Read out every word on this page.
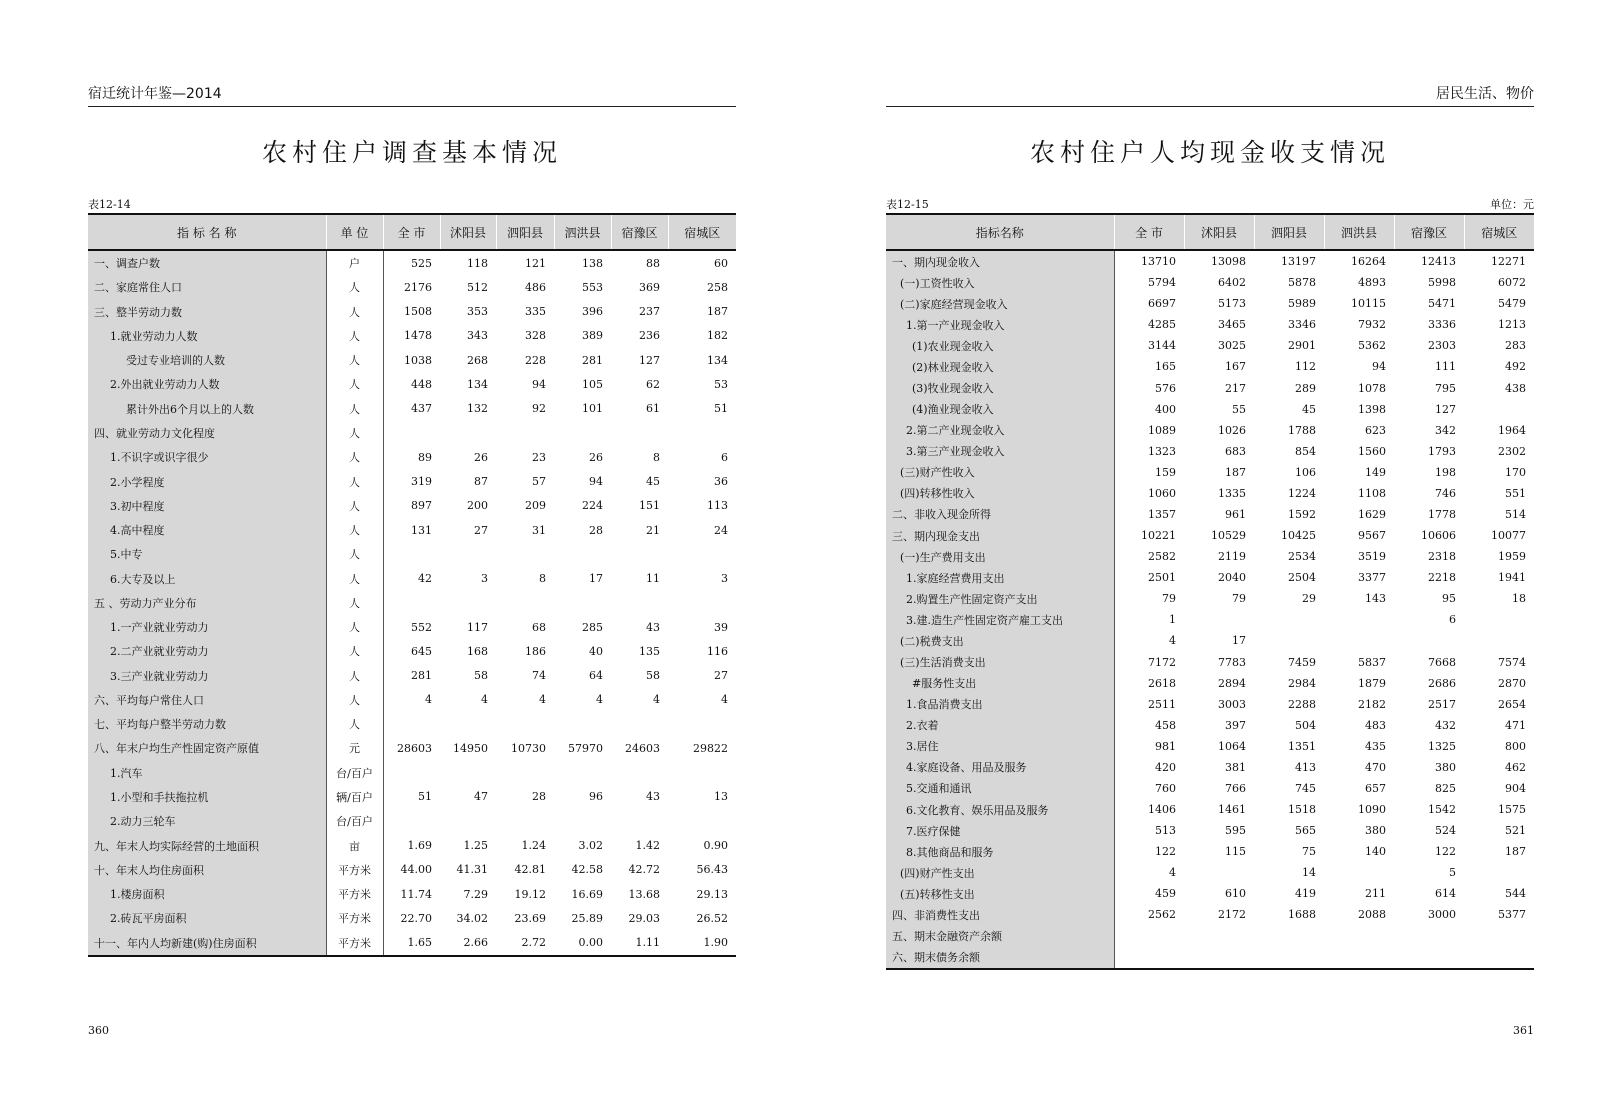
宿迁统计年鉴—2014
农村住户调查基本情况
表12-14
指 标 名 称	单 位	全 市	沭阳县	泗阳县	泗洪县	宿豫区	宿城区
一、调查户数	户	525	118	121	138	88	60
二、家庭常住人口	人	2176	512	486	553	369	258
三、整半劳动力数	人	1508	353	335	396	237	187
1.就业劳动力人数	人	1478	343	328	389	236	182
受过专业培训的人数	人	1038	268	228	281	127	134
2.外出就业劳动力人数	人	448	134	94	105	62	53
累计外出6个月以上的人数	人	437	132	92	101	61	51
四、就业劳动力文化程度	人						
1.不识字或识字很少	人	89	26	23	26	8	6
2.小学程度	人	319	87	57	94	45	36
3.初中程度	人	897	200	209	224	151	113
4.高中程度	人	131	27	31	28	21	24
5.中专	人						
6.大专及以上	人	42	3	8	17	11	3
五 、劳动力产业分布	人						
1.一产业就业劳动力	人	552	117	68	285	43	39
2.二产业就业劳动力	人	645	168	186	40	135	116
3.三产业就业劳动力	人	281	58	74	64	58	27
六、平均每户常住人口	人	4	4	4	4	4	4
七、平均每户整半劳动力数	人						
八、年末户均生产性固定资产原值	元	28603	14950	10730	57970	24603	29822
1.汽车	台/百户						
1.小型和手扶拖拉机	辆/百户	51	47	28	96	43	13
2.动力三轮车	台/百户						
九、年末人均实际经营的土地面积	亩	1.69	1.25	1.24	3.02	1.42	0.90
十、年末人均住房面积	平方米	44.00	41.31	42.81	42.58	42.72	56.43
1.楼房面积	平方米	11.74	7.29	19.12	16.69	13.68	29.13
2.砖瓦平房面积	平方米	22.70	34.02	23.69	25.89	29.03	26.52
十一、年内人均新建(购)住房面积	平方米	1.65	2.66	2.72	0.00	1.11	1.90
360
居民生活、物价
农村住户人均现金收支情况
表12-15	单位：元
指标名称	全 市	沭阳县	泗阳县	泗洪县	宿豫区	宿城区
一、期内现金收入	13710	13098	13197	16264	12413	12271
(一)工资性收入	5794	6402	5878	4893	5998	6072
(二)家庭经营现金收入	6697	5173	5989	10115	5471	5479
1.第一产业现金收入	4285	3465	3346	7932	3336	1213
(1)农业现金收入	3144	3025	2901	5362	2303	283
(2)林业现金收入	165	167	112	94	111	492
(3)牧业现金收入	576	217	289	1078	795	438
(4)渔业现金收入	400	55	45	1398	127	
2.第二产业现金收入	1089	1026	1788	623	342	1964
3.第三产业现金收入	1323	683	854	1560	1793	2302
(三)财产性收入	159	187	106	149	198	170
(四)转移性收入	1060	1335	1224	1108	746	551
二、非收入现金所得	1357	961	1592	1629	1778	514
三、期内现金支出	10221	10529	10425	9567	10606	10077
(一)生产费用支出	2582	2119	2534	3519	2318	1959
1.家庭经营费用支出	2501	2040	2504	3377	2218	1941
2.购置生产性固定资产支出	79	79	29	143	95	18
3.建.造生产性固定资产雇工支出	1				6	
(二)税费支出	4	17				
(三)生活消费支出	7172	7783	7459	5837	7668	7574
#服务性支出	2618	2894	2984	1879	2686	2870
1.食品消费支出	2511	3003	2288	2182	2517	2654
2.衣着	458	397	504	483	432	471
3.居住	981	1064	1351	435	1325	800
4.家庭设备、用品及服务	420	381	413	470	380	462
5.交通和通讯	760	766	745	657	825	904
6.文化教育、娱乐用品及服务	1406	1461	1518	1090	1542	1575
7.医疗保健	513	595	565	380	524	521
8.其他商品和服务	122	115	75	140	122	187
(四)财产性支出	4		14		5	
(五)转移性支出	459	610	419	211	614	544
四、非消费性支出	2562	2172	1688	2088	3000	5377
五、期末金融资产余额						
六、期末债务余额						
361
